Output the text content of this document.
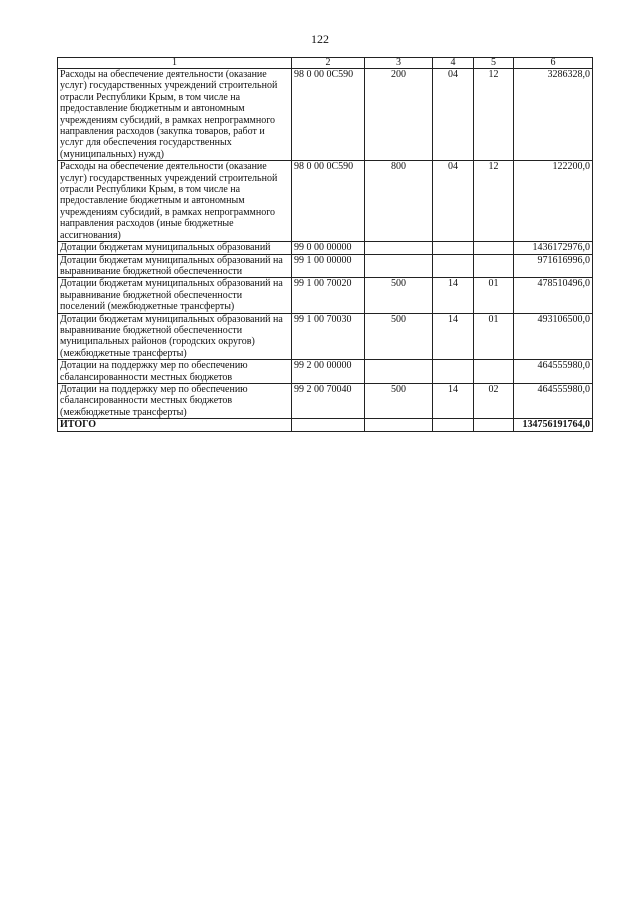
122
1	2	3	4	5	6
Расходы на обеспечение деятельности (оказание услуг) государственных учреждений строительной отрасли Республики Крым, в том числе на предоставление бюджетным и автономным учреждениям субсидий, в рамках непрограммного направления расходов (закупка товаров, работ и услуг для обеспечения государственных (муниципальных) нужд)	98 0 00 0С590	200	04	12	3286328,0
Расходы на обеспечение деятельности (оказание услуг) государственных учреждений строительной отрасли Республики Крым, в том числе на предоставление бюджетным и автономным учреждениям субсидий, в рамках непрограммного направления расходов (иные бюджетные ассигнования)	98 0 00 0С590	800	04	12	122200,0
Дотации бюджетам муниципальных образований	99 0 00 00000				1436172976,0
Дотации бюджетам муниципальных образований на выравнивание бюджетной обеспеченности	99 1 00 00000				971616996,0
Дотации бюджетам муниципальных образований на выравнивание бюджетной обеспеченности поселений (межбюджетные трансферты)	99 1 00 70020	500	14	01	478510496,0
Дотации бюджетам муниципальных образований на выравнивание бюджетной обеспеченности муниципальных районов (городских округов) (межбюджетные трансферты)	99 1 00 70030	500	14	01	493106500,0
Дотации на поддержку мер по обеспечению сбалансированности местных бюджетов	99 2 00 00000				464555980,0
Дотации на поддержку мер по обеспечению сбалансированности местных бюджетов (межбюджетные трансферты)	99 2 00 70040	500	14	02	464555980,0
ИТОГО					134756191764,0
